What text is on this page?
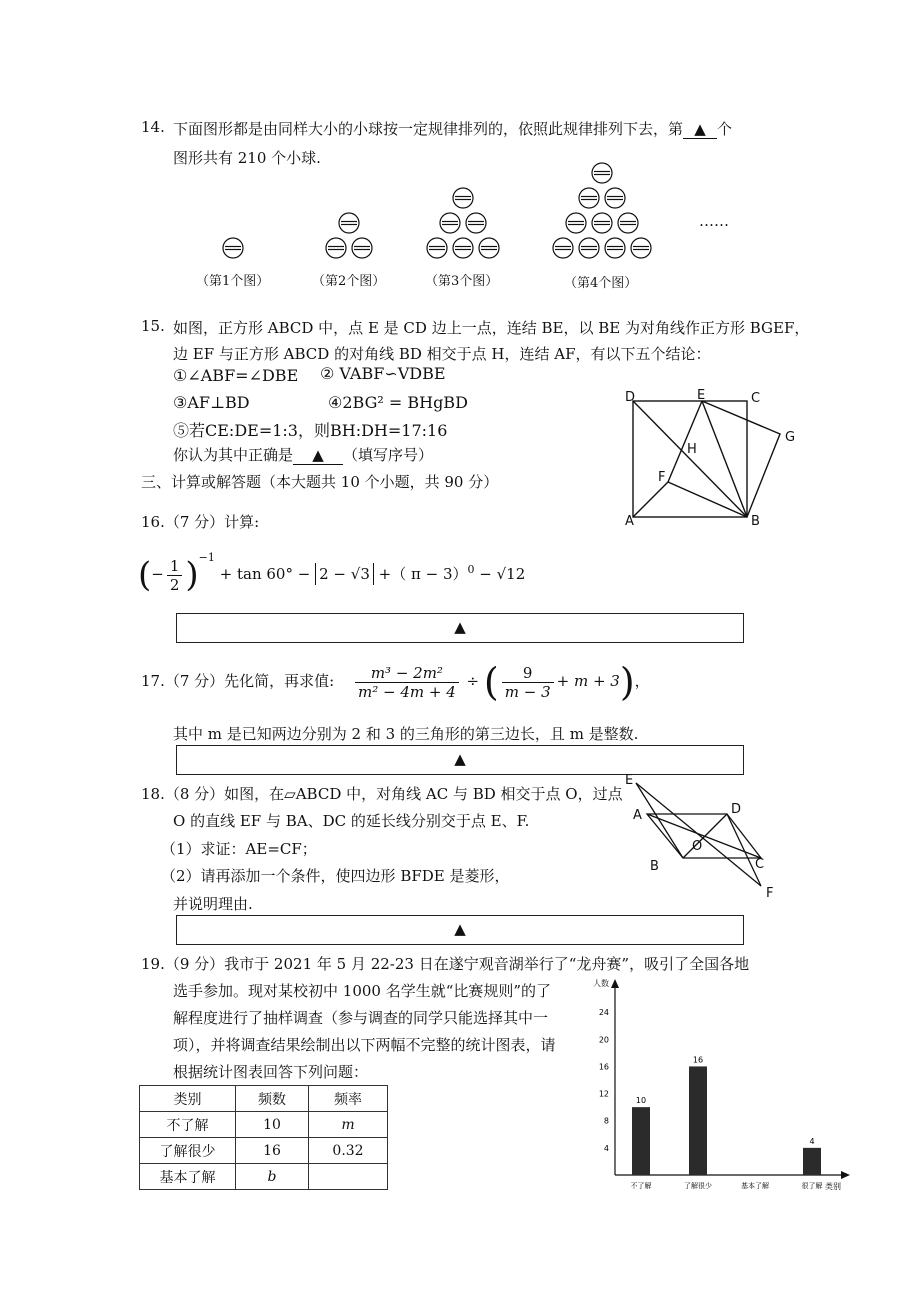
14. 下面图形都是由同样大小的小球按一定规律排列的，依照此规律排列下去，第 ▲ 个
图形共有 210 个小球.
（第1个图）	（第2个图）	（第3个图）	（第4个图）
……
15. 如图，正方形 ABCD 中，点 E 是 CD 边上一点，连结 BE，以 BE 为对角线作正方形 BGEF，
边 EF 与正方形 ABCD 的对角线 BD 相交于点 H，连结 AF，有以下五个结论：
①∠ABF=∠DBE ② VABF∽VDBE
③AF⊥BD	④2BG² = BHgBD
⑤若CE:DE=1:3，则BH:DH=17:16
你认为其中正确是 ▲ （填写序号）
D	E	C
G
H
F
A	B
三、计算或解答题（本大题共 10 个小题，共 90 分）
16.（7 分）计算:
(− $\frac{1}{2} )^{-1} + \tan 60^\circ - 2 - √3$ +（ π − 3）$^0$ − √12
▲
17.（7 分）先化简，再求值: $\frac{\text{m³ − 2m²}}{\text{m² − 4m + 4}}$ ÷ ( $\frac{9}{m - 3} + m + 3$)，
其中 m 是已知两边分别为 2 和 3 的三角形的第三边长，且 m 是整数.
▲
18.（8 分）如图，在▱ABCD 中，对角线 AC 与 BD 相交于点 O，过点
O 的直线 EF 与 BA、DC 的延长线分别交于点 E、F.
（1）求证：AE=CF；
（2）请再添加一个条件，使四边形 BFDE 是菱形，
并说明理由.
E
D
A
O
C
B
F
▲
19.（9 分）我市于 2021 年 5 月 22-23 日在遂宁观音湖举行了“龙舟赛”，吸引了全国各地
选手参加。现对某校初中 1000 名学生就“比赛规则”的了
解程度进行了抽样调查（参与调查的同学只能选择其中一
项），并将调查结果绘制出以下两幅不完整的统计图表，请
根据统计图表回答下列问题：
类别	频数	频率
不了解	10	m
了解很少	16	0.32
基本了解	b	
人数
4
8
12
16
20
24
10
不了解
16
了解很少	基本了解
4
很了解 类别
